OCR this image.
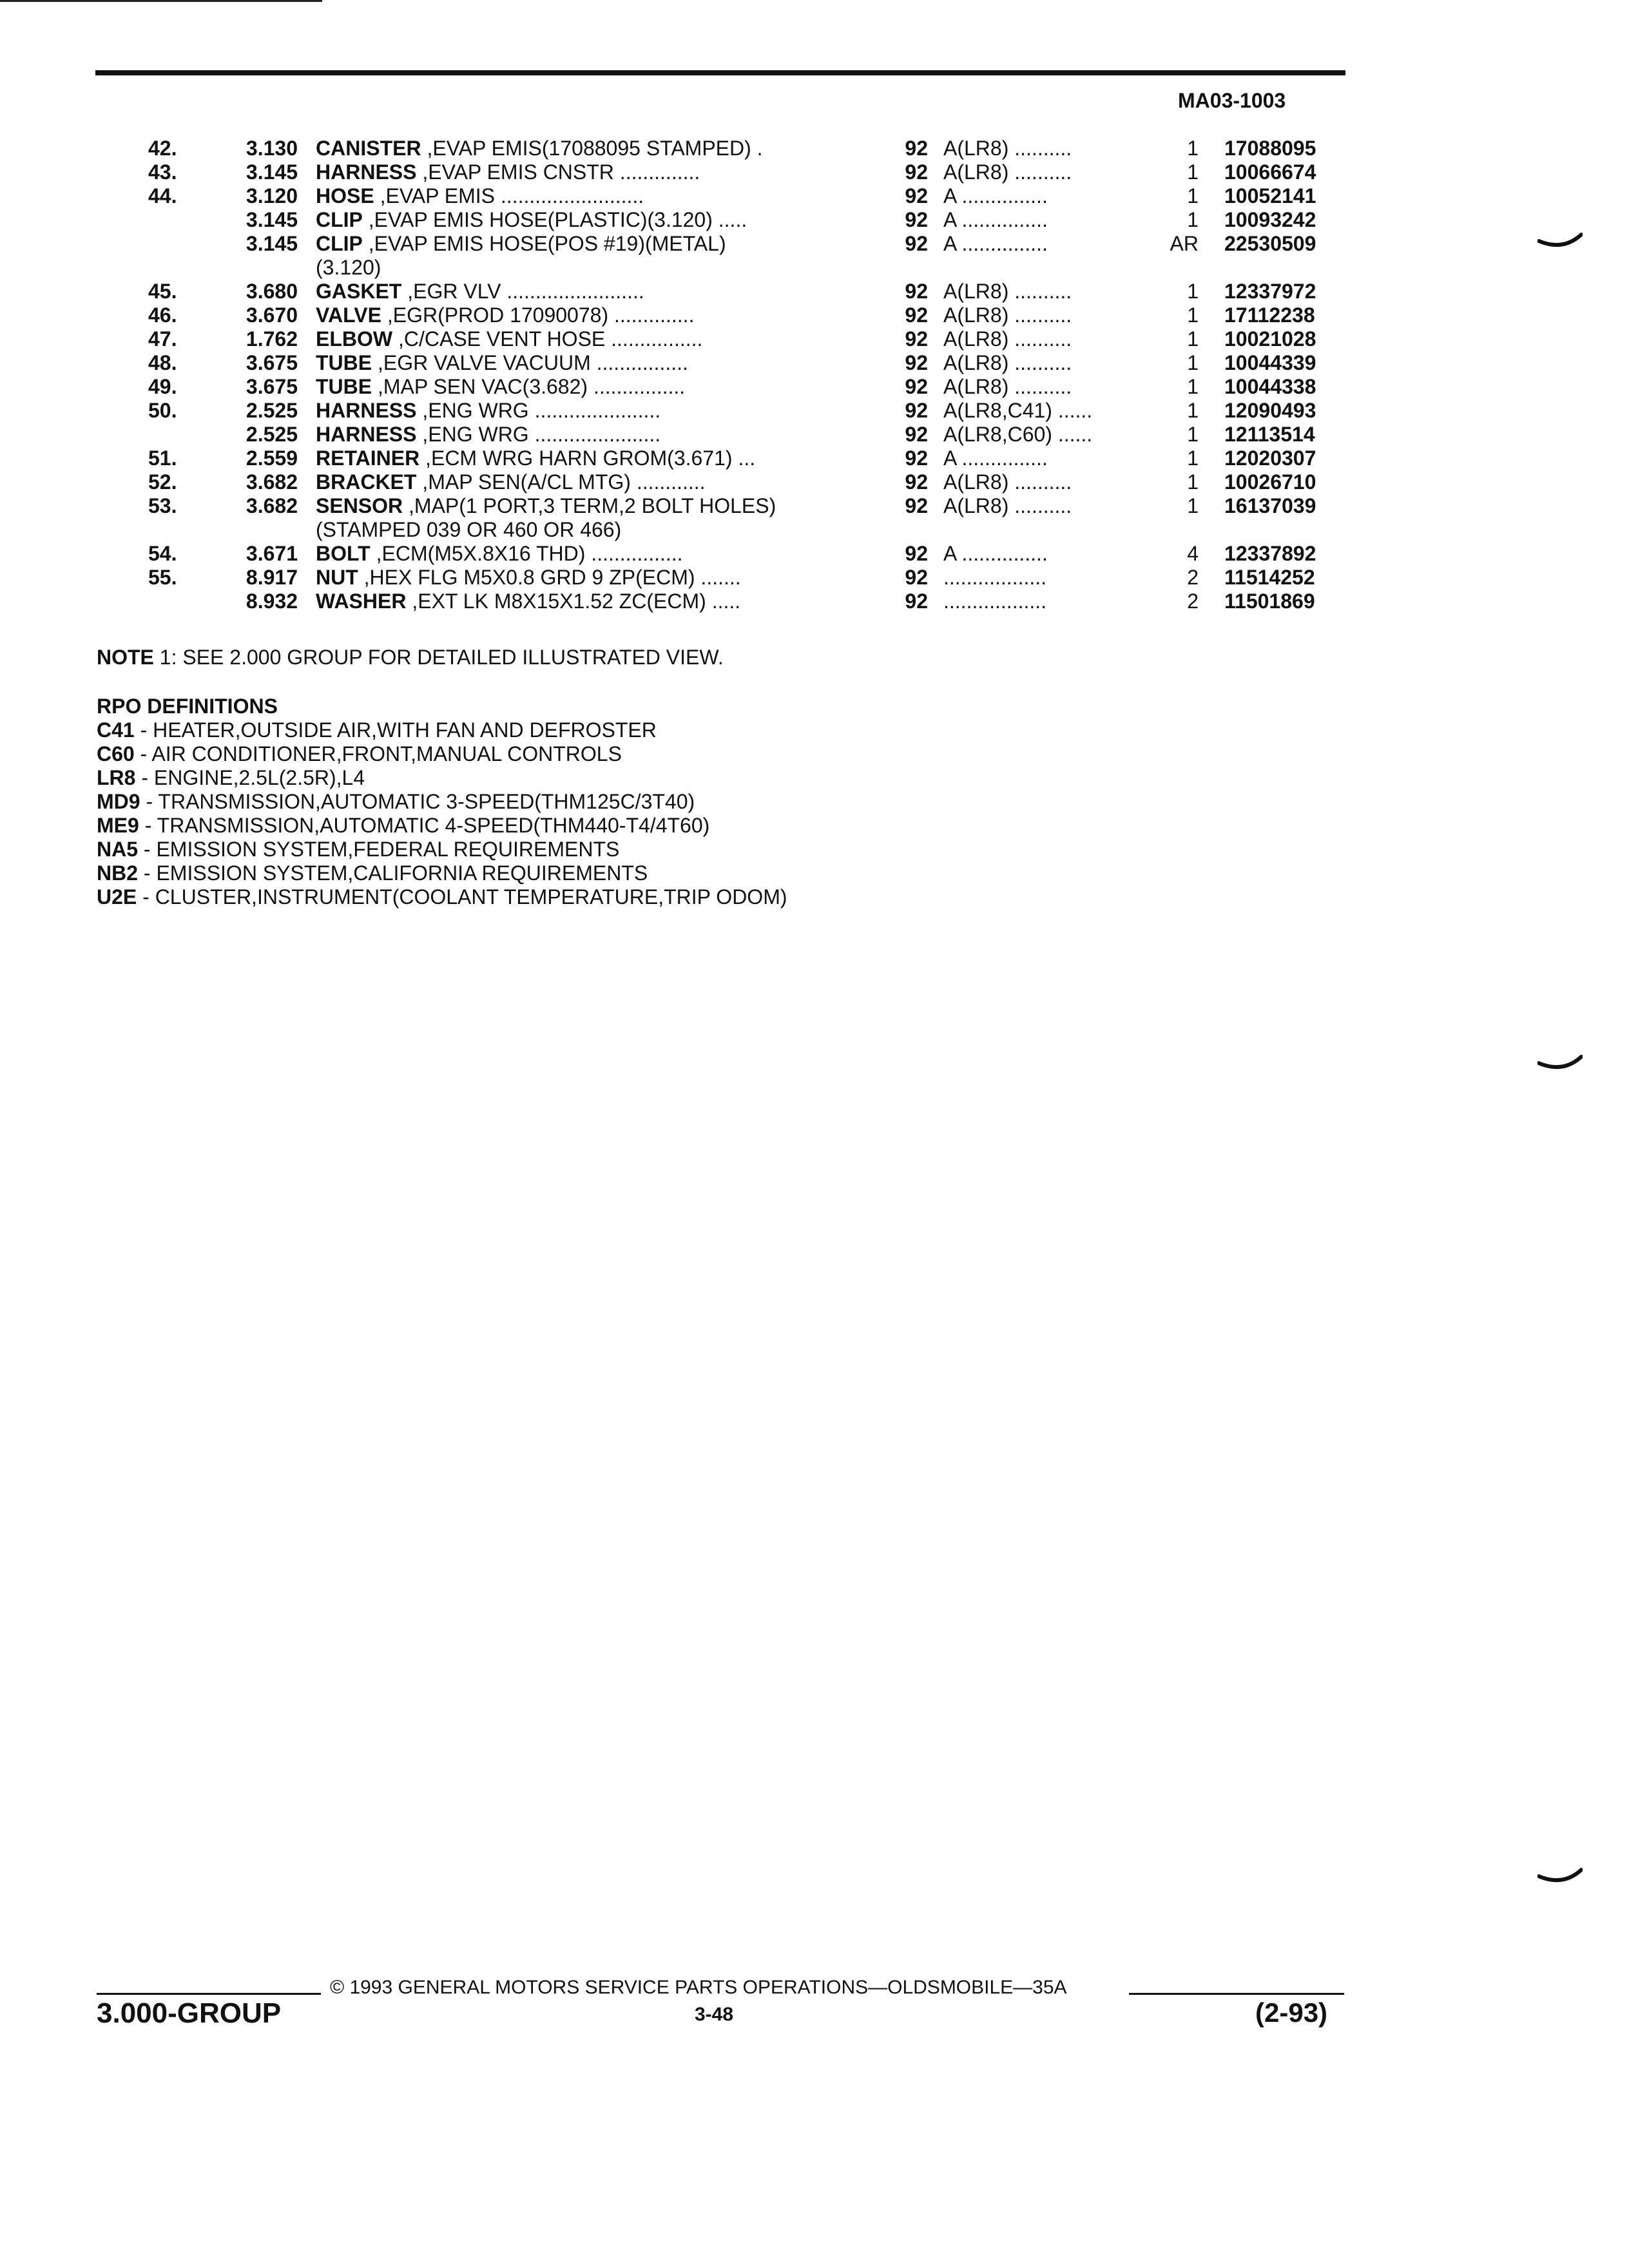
MA03-1003
42.	3.130 CANISTER ,EVAP EMIS(17088095 STAMPED) .	92 A(LR8) ..........	1 17088095
43.	3.145 HARNESS ,EVAP EMIS CNSTR ..............	92 A(LR8) ..........	1 10066674
44.	3.120 HOSE ,EVAP EMIS .........................	92 A ...............	1 10052141
3.145 CLIP ,EVAP EMIS HOSE(PLASTIC)(3.120) .....	92 A ...............	1 10093242
3.145 CLIP ,EVAP EMIS HOSE(POS #19)(METAL)	92 A ...............	AR 22530509
(3.120)
45.	3.680 GASKET ,EGR VLV ........................	92 A(LR8) ..........	1 12337972
46.	3.670 VALVE ,EGR(PROD 17090078) ..............	92 A(LR8) ..........	1 17112238
47.	1.762 ELBOW ,C/CASE VENT HOSE ................	92 A(LR8) ..........	1 10021028
48.	3.675 TUBE ,EGR VALVE VACUUM ................	92 A(LR8) ..........	1 10044339
49.	3.675 TUBE ,MAP SEN VAC(3.682) ................	92 A(LR8) ..........	1 10044338
50.	2.525 HARNESS ,ENG WRG ......................	92 A(LR8,C41) ......	1 12090493
2.525 HARNESS ,ENG WRG ......................	92 A(LR8,C60) ......	1 12113514
51.	2.559 RETAINER ,ECM WRG HARN GROM(3.671) ...	92 A ...............	1 12020307
52.	3.682 BRACKET ,MAP SEN(A/CL MTG) ............	92 A(LR8) ..........	1 10026710
53.	3.682 SENSOR ,MAP(1 PORT,3 TERM,2 BOLT HOLES)	92 A(LR8) ..........	1 16137039
(STAMPED 039 OR 460 OR 466)
54.	3.671 BOLT ,ECM(M5X.8X16 THD) ................	92 A ...............	4 12337892
55.	8.917 NUT ,HEX FLG M5X0.8 GRD 9 ZP(ECM) .......	92 ..................	2 11514252
8.932 WASHER ,EXT LK M8X15X1.52 ZC(ECM) .....	92 ..................	2 11501869
NOTE 1: SEE 2.000 GROUP FOR DETAILED ILLUSTRATED VIEW.
RPO DEFINITIONS
C41 - HEATER,OUTSIDE AIR,WITH FAN AND DEFROSTER
C60 - AIR CONDITIONER,FRONT,MANUAL CONTROLS
LR8 - ENGINE,2.5L(2.5R),L4
MD9 - TRANSMISSION,AUTOMATIC 3-SPEED(THM125C/3T40)
ME9 - TRANSMISSION,AUTOMATIC 4-SPEED(THM440-T4/4T60)
NA5 - EMISSION SYSTEM,FEDERAL REQUIREMENTS
NB2 - EMISSION SYSTEM,CALIFORNIA REQUIREMENTS
U2E - CLUSTER,INSTRUMENT(COOLANT TEMPERATURE,TRIP ODOM)
© 1993 GENERAL MOTORS SERVICE PARTS OPERATIONS—OLDSMOBILE—35A
3.000-GROUP	3-48	(2-93)
